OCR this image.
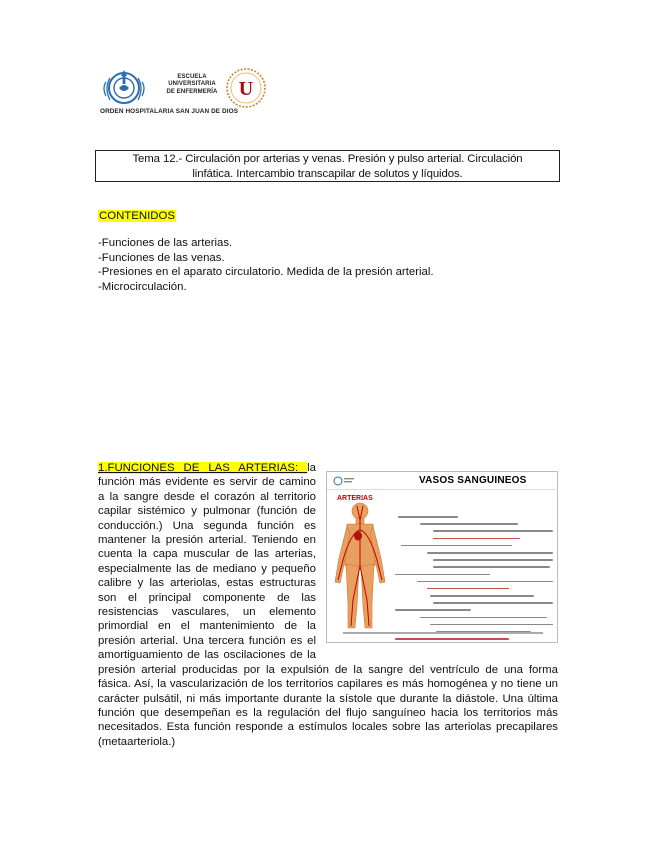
ESCUELA
UNIVERSITARIA
DE ENFERMERÍA	U
ORDEN HOSPITALARIA SAN JUAN DE DIOS
Tema 12.- Circulación por arterias y venas. Presión y pulso arterial. Circulación
linfática. Intercambio transcapilar de solutos y líquidos.
CONTENIDOS
-Funciones de las arterias.
-Funciones de las venas.
-Presiones en el aparato circulatorio. Medida de la presión arterial.
-Microcirculación.
VASOS SANGUINEOS
ARTERIAS
1.FUNCIONES DE LAS ARTERIAS: la función más evidente es servir de camino a la sangre desde el corazón al territorio capilar sistémico y pulmonar (función de conducción.) Una segunda función es mantener la presión arterial. Teniendo en cuenta la capa muscular de las arterias, especialmente las de mediano y pequeño calibre y las arteriolas, estas estructuras son el principal componente de las resistencias vasculares, un elemento primordial en el mantenimiento de la presión arterial. Una tercera función es el amortiguamiento de las oscilaciones de la presión arterial producidas por la expulsión de la sangre del ventrículo de una forma fásica. Así, la vascularización de los territorios capilares es más homogénea y no tiene un carácter pulsátil, ni más importante durante la sístole que durante la diástole. Una última función que desempeñan es la regulación del flujo sanguíneo hacia los territorios más necesitados. Esta función responde a estímulos locales sobre las arteriolas precapilares (metaarteriola.)
